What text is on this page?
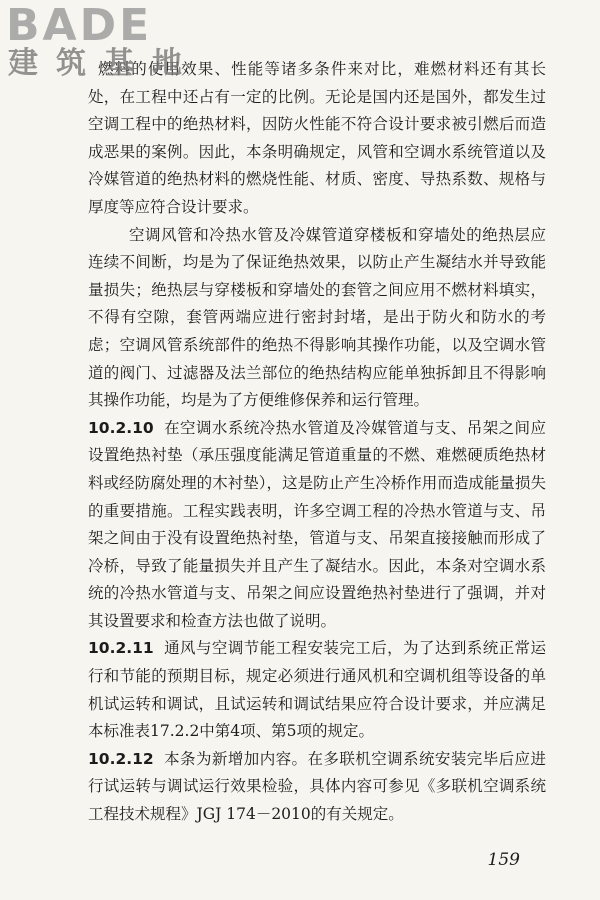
BADE
建筑基地

燃料的使用效果、性能等诸多条件来对比，难燃材料还有其长处，在工程中还占有一定的比例。无论是国内还是国外，都发生过空调工程中的绝热材料，因防火性能不符合设计要求被引燃后而造成恶果的案例。因此，本条明确规定，风管和空调水系统管道以及冷媒管道的绝热材料的燃烧性能、材质、密度、导热系数、规格与厚度等应符合设计要求。

空调风管和冷热水管及冷媒管道穿楼板和穿墙处的绝热层应连续不间断，均是为了保证绝热效果，以防止产生凝结水并导致能量损失；绝热层与穿楼板和穿墙处的套管之间应用不燃材料填实，不得有空隙，套管两端应进行密封封堵，是出于防火和防水的考虑；空调风管系统部件的绝热不得影响其操作功能，以及空调水管道的阀门、过滤器及法兰部位的绝热结构应能单独拆卸且不得影响其操作功能，均是为了方便维修保养和运行管理。

10.2.10 在空调水系统冷热水管道及冷媒管道与支、吊架之间应设置绝热衬垫（承压强度能满足管道重量的不燃、难燃硬质绝热材料或经防腐处理的木衬垫），这是防止产生冷桥作用而造成能量损失的重要措施。工程实践表明，许多空调工程的冷热水管道与支、吊架之间由于没有设置绝热衬垫，管道与支、吊架直接接触而形成了冷桥，导致了能量损失并且产生了凝结水。因此，本条对空调水系统的冷热水管道与支、吊架之间应设置绝热衬垫进行了强调，并对其设置要求和检查方法也做了说明。

10.2.11 通风与空调节能工程安装完工后，为了达到系统正常运行和节能的预期目标，规定必须进行通风机和空调机组等设备的单机试运转和调试，且试运转和调试结果应符合设计要求，并应满足本标准表17.2.2中第4项、第5项的规定。

10.2.12 本条为新增加内容。在多联机空调系统安装完毕后应进行试运转与调试运行效果检验，具体内容可参见《多联机空调系统工程技术规程》JGJ 174－2010的有关规定。

159
